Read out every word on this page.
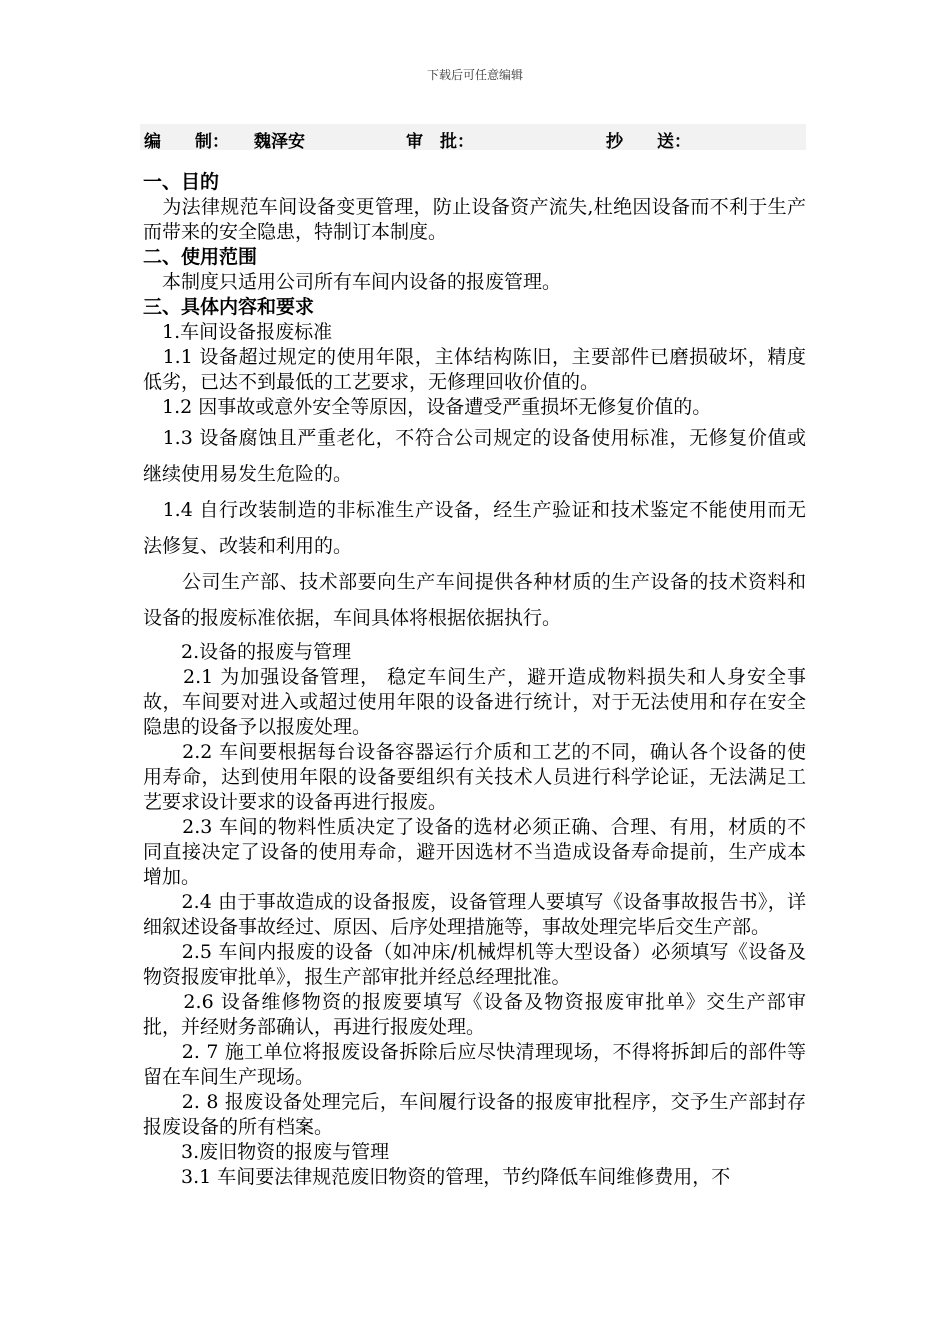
下载后可任意编辑
编　　制： 魏泽安	审　批：	抄　　送：

一、目的

　为法律规范车间设备变更管理，防止设备资产流失,杜绝因设备而不利于生产而带来的安全隐患，特制订本制度。

二、使用范围

　本制度只适用公司所有车间内设备的报废管理。

三、具体内容和要求

　1.车间设备报废标准

　1.1 设备超过规定的使用年限，主体结构陈旧，主要部件已磨损破坏，精度低劣，已达不到最低的工艺要求，无修理回收价值的。

　1.2 因事故或意外安全等原因，设备遭受严重损坏无修复价值的。

　1.3 设备腐蚀且严重老化，不符合公司规定的设备使用标准，无修复价值或继续使用易发生危险的。

　1.4 自行改装制造的非标准生产设备，经生产验证和技术鉴定不能使用而无法修复、改装和利用的。

　　公司生产部、技术部要向生产车间提供各种材质的生产设备的技术资料和设备的报废标准依据，车间具体将根据依据执行。

　　2.设备的报废与管理

　　2.1 为加强设备管理， 稳定车间生产，避开造成物料损失和人身安全事故，车间要对进入或超过使用年限的设备进行统计，对于无法使用和存在安全隐患的设备予以报废处理。

　　2.2 车间要根据每台设备容器运行介质和工艺的不同，确认各个设备的使用寿命，达到使用年限的设备要组织有关技术人员进行科学论证，无法满足工艺要求设计要求的设备再进行报废。

　　2.3 车间的物料性质决定了设备的选材必须正确、合理、有用，材质的不同直接决定了设备的使用寿命，避开因选材不当造成设备寿命提前，生产成本增加。

　　2.4 由于事故造成的设备报废，设备管理人要填写《设备事故报告书》，详细叙述设备事故经过、原因、后序处理措施等，事故处理完毕后交生产部。

　　2.5 车间内报废的设备（如冲床/机械焊机等大型设备）必须填写《设备及物资报废审批单》，报生产部审批并经总经理批准。

　　2.6 设备维修物资的报废要填写《设备及物资报废审批单》交生产部审批，并经财务部确认，再进行报废处理。

　　2. 7 施工单位将报废设备拆除后应尽快清理现场，不得将拆卸后的部件等留在车间生产现场。

　　2. 8 报废设备处理完后，车间履行设备的报废审批程序，交予生产部封存报废设备的所有档案。

　　3.废旧物资的报废与管理

　　3.1 车间要法律规范废旧物资的管理，节约降低车间维修费用，不
